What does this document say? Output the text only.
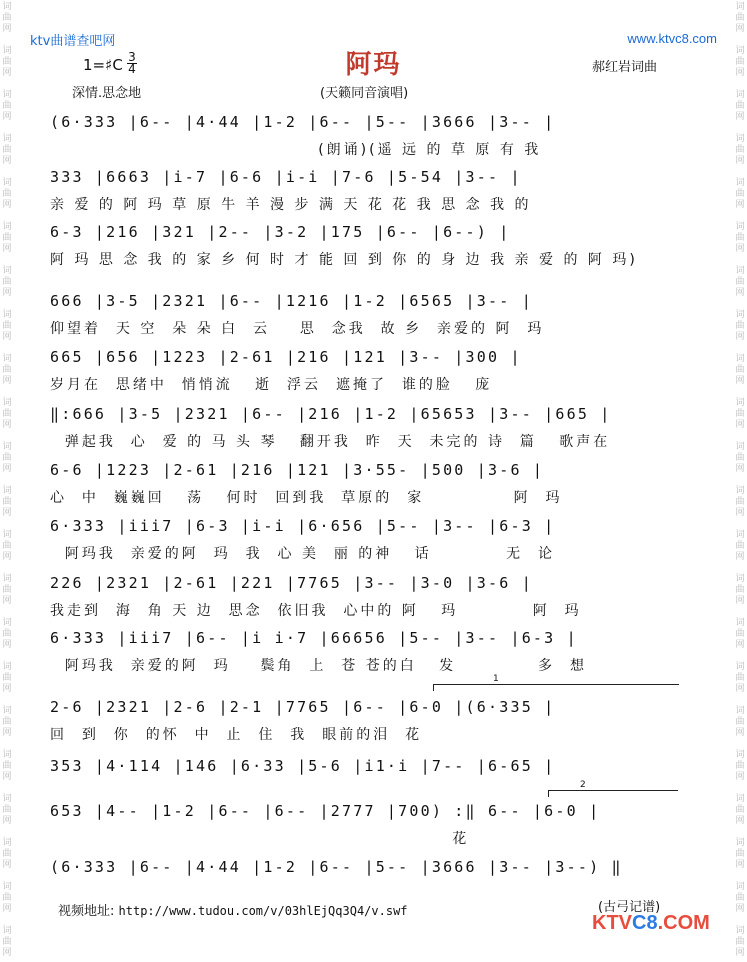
词
曲
网
词
曲
网
词
曲
网
词
曲
网
词
曲
网
词
曲
网
词
曲
网
词
曲
网
词
曲
网
词
曲
网
词
曲
网
词
曲
网
词
曲
网
词
曲
网
词
曲
网
词
曲
网
词
曲
网
词
曲
网
词
曲
网
词
曲
网
词
曲
网
词
曲
网
词
曲
网
词
曲
网
词
曲
网
词
曲
网
词
曲
网
词
曲
网
词
曲
网
词
曲
网
词
曲
网
词
曲
网
词
曲
网
词
曲
网
词
曲
网
词
曲
网
词
曲
网
词
曲
网
词
曲
网
词
曲
网
词
曲
网
词
曲
网
词
曲
网
词
曲
网
ktv曲谱查吧网	www.ktvc8.com
阿玛
1=♯C 3
4	郝红岩词曲
深情.思念地	(天籁同音演唱)
(6·333 |6-- |4·44 |1-2 |6-- |5-- |3666 |3-- |
(朗诵)(遥 远 的 草 原 有 我
333 |6663 |i-7 |6-6 |i-i |7-6 |5-54 |3-- |
亲 爱 的 阿 玛 草 原 牛 羊 漫 步 满 天 花 花 我 思 念 我 的
6-3 |216 |321 |2-- |3-2 |175 |6-- |6--) |
阿 玛 思 念 我 的 家 乡 何 时 才 能 回 到 你 的 身 边 我 亲 爱 的 阿 玛)
666 |3-5 |2321 |6-- |1216 |1-2 |6565 |3-- |
仰望着  天 空  朵 朵 白  云    思  念我  故 乡  亲爱的 阿  玛
665 |656 |1223 |2-61 |216 |121 |3-- |300 |
岁月在  思绪中  悄悄流   逝  浮云  遮掩了  谁的脸   庞
‖:666 |3-5 |2321 |6-- |216 |1-2 |65653 |3-- |665 |
弹起我  心  爱 的 马 头 琴   翻开我  昨  天  未完的 诗  篇   歌声在
6-6 |1223 |2-61 |216 |121 |3·55- |500 |3-6 |
心  中  巍巍回   荡   何时  回到我  草原的  家            阿  玛
6·333 |iii7 |6-3 |i-i |6·656 |5-- |3-- |6-3 |
阿玛我  亲爱的阿  玛  我  心 美  丽 的神   话          无  论
226 |2321 |2-61 |221 |7765 |3-- |3-0 |3-6 |
我走到  海  角 天 边  思念  依旧我  心中的 阿   玛          阿  玛
6·333 |iii7 |6-- |i i·7 |66656 |5-- |3-- |6-3 |
阿玛我  亲爱的阿  玛    鬓角  上  苍 苍的白   发           多  想
2-6 |2321 |2-6 |2-1 |7765 |6-- |6-0 |(6·335 |
回  到  你  的怀  中  止  住  我  眼前的泪  花
353 |4·114 |146 |6·33 |5-6 |i1·i |7-- |6-65 |
653 |4-- |1-2 |6-- |6-- |2777 |700) :‖ 6-- |6-0 |
花
(6·333 |6-- |4·44 |1-2 |6-- |5-- |3666 |3-- |3--) ‖
1
2
视频地址: http://www.tudou.com/v/03hlEjQq3Q4/v.swf	(古弓记谱)
KTVC8.COM
